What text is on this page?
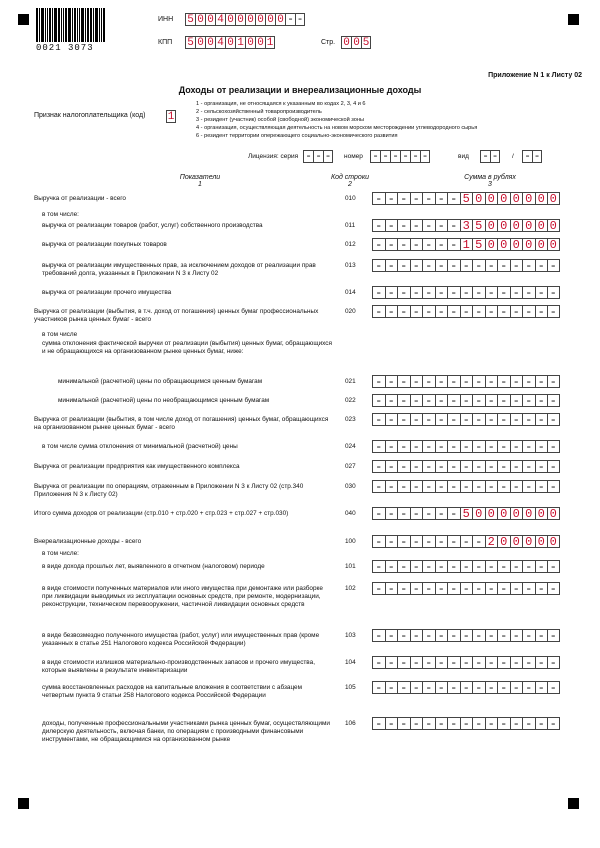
0021 3073
ИНН 5 0 0 4 0 0 0 0 0 0 - -
КПП 5 0 0 4 0 1 0 0 1	Стр. 0 0 5
Приложение N 1 к Листу 02
Доходы от реализации и внереализационные доходы
Признак налогоплательщика (код) 1
1 - организация, не относящаяся к указанным во кодах 2, 3, 4 и 6
2 - сельскохозяйственный товаропроизводитель
3 - резидент (участник) особой (свободной) экономической зоны
4 - организация, осуществляющая деятельность на новом морском месторождении углеводородного сырья
6 - резидент территории опережающего социально-экономического развития
Лицензия: серия - - - номер - - - - - -	вид - - / - -
Показатели
1
Код строки
2
Сумма в рублях
3
Выручка от реализации - всего	010 - - - - - - - 5 0 0 0 0 0 0 0
в том числе:
выручка от реализации товаров (работ, услуг) собственного производства	011 - - - - - - - 3 5 0 0 0 0 0 0
выручка от реализации покупных товаров	012 - - - - - - - 1 5 0 0 0 0 0 0
выручка от реализации имущественных прав, за исключением доходов от реализации прав требований долга, указанных в Приложении N 3 к Листу 02
013 - - - - - - - - - - - - - - -
выручка от реализации прочего имущества	014 - - - - - - - - - - - - - - -
Выручка от реализации (выбытия, в т.ч. доход от погашения) ценных бумаг профессиональных участников рынка ценных бумаг - всего
020 - - - - - - - - - - - - - - -
в том числе
сумма отклонения фактической выручки от реализации (выбытия) ценных бумаг, обращающихся и не обращающихся на организованном рынке ценных бумаг, ниже:
минимальной (расчетной) цены по обращающимся ценным бумагам	021 - - - - - - - - - - - - - - -
минимальной (расчетной) цены по необращающимся ценным бумагам	022 - - - - - - - - - - - - - - -
Выручка от реализации (выбытия, в том числе доход от погашения) ценных бумаг, обращающихся на организованном рынке ценных бумаг - всего
023 - - - - - - - - - - - - - - -
в том числе сумма отклонения от минимальной (расчетной) цены	024 - - - - - - - - - - - - - - -
Выручка от реализации предприятия как имущественного комплекса	027 - - - - - - - - - - - - - - -
Выручка от реализации по операциям, отраженным в Приложении N 3 к Листу 02 (стр.340 Приложения N 3 к Листу 02)
030 - - - - - - - - - - - - - - -
Итого сумма доходов от реализации (стр.010 + стр.020 + стр.023 + стр.027 + стр.030)	040 - - - - - - - 5 0 0 0 0 0 0 0
Внереализационные доходы - всего	100 - - - - - - - - - 2 0 0 0 0 0
в том числе:
в виде дохода прошлых лет, выявленного в отчетном (налоговом) периоде	101 - - - - - - - - - - - - - - -
в виде стоимости полученных материалов или иного имущества при демонтаже или разборке при ликвидации выводимых из эксплуатации основных средств, при ремонте, модернизации, реконструкции, техническом перевооружении, частичной ликвидации основных средств
102 - - - - - - - - - - - - - - -
в виде безвозмездно полученного имущества (работ, услуг) или имущественных прав (кроме указанных в статье 251 Налогового кодекса Российской Федерации)
103 - - - - - - - - - - - - - - -
в виде стоимости излишков материально-производственных запасов и прочего имущества, которые выявлены в результате инвентаризации
104 - - - - - - - - - - - - - - -
сумма восстановленных расходов на капитальные вложения в соответствии с абзацем четвертым пункта 9 статьи 258 Налогового кодекса Российской Федерации
105 - - - - - - - - - - - - - - -
доходы, полученные профессиональными участниками рынка ценных бумаг, осуществляющими дилерскую деятельность, включая банки, по операциям с производными финансовыми инструментами, не обращающимися на организованном рынке
106 - - - - - - - - - - - - - - -
